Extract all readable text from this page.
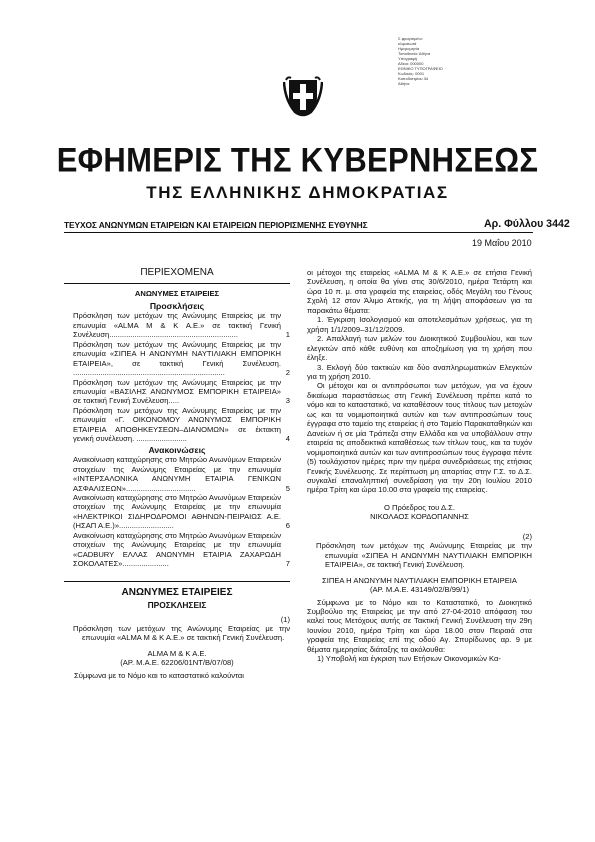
Σ φραγισμένο
κλιμακωτά
Ημερομηνία
Τοποθεσία: Αθήνα
Υπογραφή
Αδεια: 000000
ΕΘΝΙΚΟ ΤΥΠΟΓΡΑΦΕΙΟ
Κωδικός: 0001
Καποδιστρίου 34
Αθήνα
ΕΦΗΜΕΡΙΣ ΤΗΣ ΚΥΒΕΡΝΗΣΕΩΣ
ΤΗΣ ΕΛΛΗΝΙΚΗΣ ΔΗΜΟΚΡΑΤΙΑΣ
ΤΕΥΧΟΣ ΑΝΩΝΥΜΩΝ ΕΤΑΙΡΕΙΩΝ ΚΑΙ ΕΤΑΙΡΕΙΩΝ ΠΕΡΙΟΡΙΣΜΕΝΗΣ ΕΥΘΥΝΗΣ	Αρ. Φύλλου 3442
19 Μαΐου 2010

ΠΕΡΙΕΧΟΜΕΝΑ

ΑΝΩΝΥΜΕΣ ΕΤΑΙΡΕΙΕΣ

Προσκλήσεις

Πρόσκληση των μετόχων της Ανώνυμης Εταιρείας με την επωνυμία «ALMA M & K A.E.» σε τακτική Γενική Συνέλευση.............................................................	1
Πρόσκληση των μετόχων της Ανώνυμης Εταιρείας με την επωνυμία «ΣΙΠΕΑ Η ΑΝΩΝΥΜΗ ΝΑΥΤΙΛΙΑΚΗ ΕΜΠΟΡΙΚΗ ΕΤΑΙΡΕΙΑ», σε τακτική Γενική Συνέλευση. ........................................................................	2
Πρόσκληση των μετόχων της Ανώνυμης Εταιρείας με την επωνυμία «ΒΑΣΙΛΗΣ ΑΝΩΝΥΜΟΣ ΕΜΠΟΡΙΚΗ ΕΤΑΙΡΕΙΑ» σε τακτική Γενική Συνέλευση.....	3
Πρόσκληση των μετόχων της Ανώνυμης Εταιρείας με την επωνυμία «Γ. ΟΙΚΟΝΟΜΟΥ ΑΝΩΝΥΜΟΣ ΕΜΠΟΡΙΚΗ ΕΤΑΙΡΕΙΑ ΑΠΟΘΗΚΕΥΣΕΩΝ–ΔΙΑΝΟΜΩΝ» σε έκτακτη γενική συνέλευση. ........................	4

Ανακοινώσεις

Ανακοίνωση καταχώρησης στο Μητρώο Ανωνύμων Εταιρειών στοιχείων της Ανώνυμης Εταιρείας με την επωνυμία «ΙΝΤΕΡΣΑΛΟΝΙΚΑ ΑΝΩΝΥΜΗ ΕΤΑΙΡΙΑ ΓΕΝΙΚΩΝ ΑΣΦΑΛΙΣΕΩΝ».................................	5
Ανακοίνωση καταχώρησης στο Μητρώο Ανωνύμων Εταιρειών στοιχείων της Ανώνυμης Εταιρείας με την επωνυμία «ΗΛΕΚΤΡΙΚΟΙ ΣΙΔΗΡΟΔΡΟΜΟΙ ΑΘΗΝΩΝ-ΠΕΙΡΑΙΩΣ Α.Ε. (ΗΣΑΠ Α.Ε.)»..........................	6
Ανακοίνωση καταχώρησης στο Μητρώο Ανωνύμων Εταιρειών στοιχείων της Ανώνυμης Εταιρείας με την επωνυμία «CADBURY ΕΛΛΑΣ ΑΝΩΝΥΜΗ ΕΤΑΙΡΙΑ ΖΑΧΑΡΩΔΗ ΣΟΚΟΛΑΤΕΣ»......................	7

ΑΝΩΝΥΜΕΣ ΕΤΑΙΡΕΙΕΣ

ΠΡΟΣΚΛΗΣΕΙΣ

(1)

Πρόσκληση των μετόχων της Ανώνυμης Εταιρείας με την επωνυμία «ALMA M & K A.E.» σε τακτική Γενική Συνέλευση.

ALMA M & K A.E.

(ΑΡ. Μ.Α.Ε. 62206/01ΝΤ/Β/07/08)

Σύμφωνα με το Νόμο και το καταστατικό καλούνται

οι μέτοχοι της εταιρείας «ALMA M & K A.E.» σε ετήσια Γενική Συνέλευση, η οποία θα γίνει στις 30/6/2010, ημέρα Τετάρτη και ώρα 10 π. μ. στα γραφεία της εταιρείας, οδός Μεγάλη του Γένους Σχολή 12 στον Άλιμο Αττικής, για τη λήψη αποφάσεων για τα παρακάτω θέματα:

1. Έγκριση Ισολογισμού και αποτελεσμάτων χρήσεως, για τη χρήση 1/1/2009–31/12/2009.

2. Απαλλαγή των μελών του Διοικητικού Συμβουλίου, και των ελεγκτών από κάθε ευθύνη και αποζημίωση για τη χρήση που έληξε.

3. Εκλογή δύο τακτικών και δύο αναπληρωματικών Ελεγκτών για τη χρήση 2010.

Οι μέτοχοι και οι αντιπρόσωποι των μετόχων, για να έχουν δικαίωμα παραστάσεως στη Γενική Συνέλευση πρέπει κατά το νόμο και το καταστατικό, να καταθέσουν τους τίτλους των μετοχών ως και τα νομιμοποιητικά αυτών και των αντιπροσώπων τους έγγραφα στο ταμείο της εταιρείας ή στο Ταμείο Παρακαταθηκών και Δανείων ή σε μία Τράπεζα στην Ελλάδα και να υποβάλλουν στην εταιρεία τις αποδεικτικά καταθέσεως των τίτλων τους, και τα τυχόν νομιμοποιητικά αυτών και των αντιπροσώπων τους έγγραφα πέντε (5) τουλάχιστον ημέρες πριν την ημέρα συνεδριάσεως της ετήσιας Γενικής Συνέλευσης. Σε περίπτωση μη απαρτίας στην Γ.Σ. το Δ.Σ. συγκαλεί επαναληπτική συνεδρίαση για την 20η Ιουλίου 2010 ημέρα Τρίτη και ώρα 10.00 στα γραφεία της εταιρείας.

Ο Πρόεδρος του Δ.Σ.

ΝΙΚΟΛΑΟΣ ΚΟΡΔΟΠΑΝΝΗΣ

(2)

Πρόσκληση των μετόχων της Ανώνυμης Εταιρείας με την επωνυμία «ΣΙΠΕΑ Η ΑΝΩΝΥΜΗ ΝΑΥΤΙΛΙΑΚΗ ΕΜΠΟΡΙΚΗ ΕΤΑΙΡΕΙΑ», σε τακτική Γενική Συνέλευση.

ΣΙΠΕΑ Η ΑΝΩΝΥΜΗ ΝΑΥΤΙΛΙΑΚΗ ΕΜΠΟΡΙΚΗ ΕΤΑΙΡΕΙΑ

(ΑΡ. Μ.Α.Ε. 43149/02/Β/99/1)

Σύμφωνα με το Νόμο και το Καταστατικό, το Διοικητικό Συμβούλιο της Εταιρείας με την από 27-04-2010 απόφαση του καλεί τους Μετόχους αυτής σε Τακτική Γενική Συνέλευση την 29η Ιουνίου 2010, ημέρα Τρίτη και ώρα 18.00 στον Πειραιά στα γραφεία της Εταιρείας επί της οδού Αγ. Σπυρίδωνος αρ. 9 με θέματα ημερησίας διάταξης τα ακόλουθα:

1) Υποβολή και έγκριση των Ετήσιων Οικονομικών Κα-
